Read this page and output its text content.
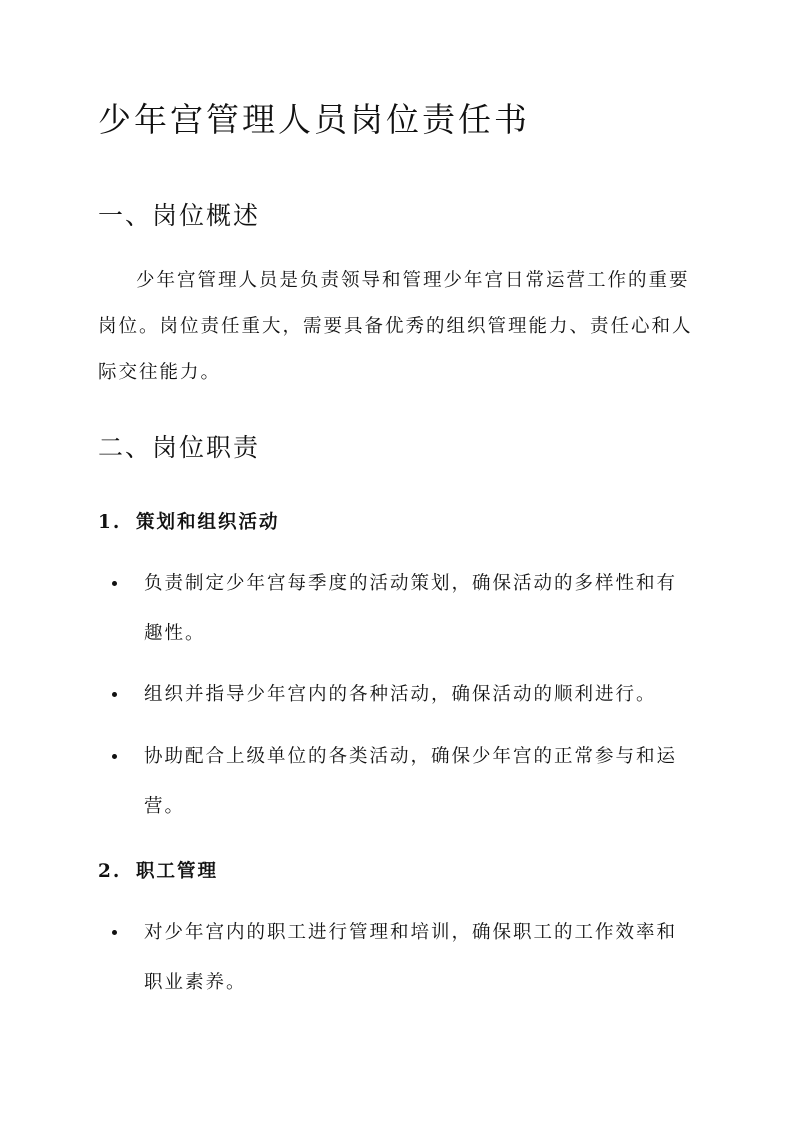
少年宫管理人员岗位责任书
一、岗位概述
少年宫管理人员是负责领导和管理少年宫日常运营工作的重要岗位。岗位责任重大，需要具备优秀的组织管理能力、责任心和人际交往能力。
二、岗位职责
1. 策划和组织活动
负责制定少年宫每季度的活动策划，确保活动的多样性和有趣性。
组织并指导少年宫内的各种活动，确保活动的顺利进行。
协助配合上级单位的各类活动，确保少年宫的正常参与和运营。
2. 职工管理
对少年宫内的职工进行管理和培训，确保职工的工作效率和职业素养。
